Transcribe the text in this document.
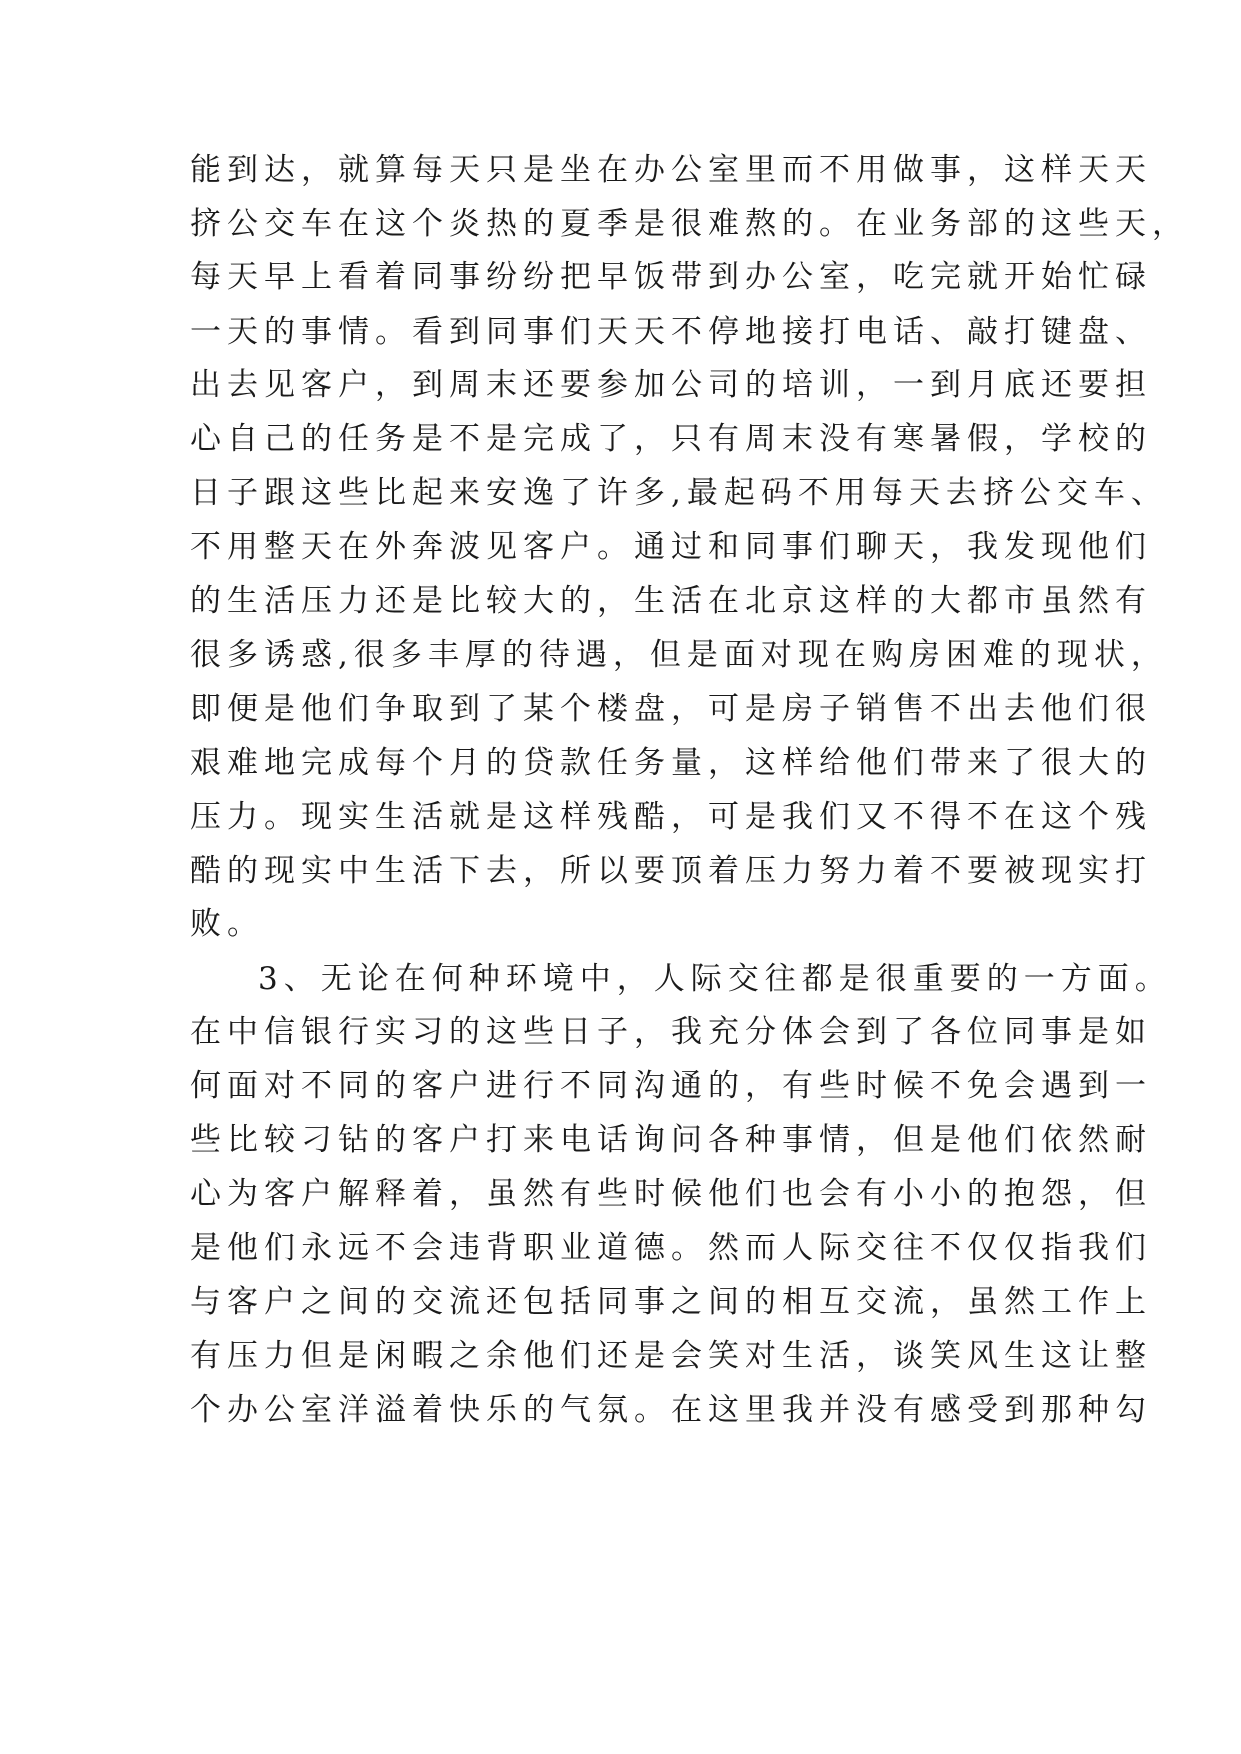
能到达，就算每天只是坐在办公室里而不用做事，这样天天
挤公交车在这个炎热的夏季是很难熬的。在业务部的这些天，
每天早上看着同事纷纷把早饭带到办公室，吃完就开始忙碌
一天的事情。看到同事们天天不停地接打电话、敲打键盘、
出去见客户，到周末还要参加公司的培训，一到月底还要担
心自己的任务是不是完成了，只有周末没有寒暑假，学校的
日子跟这些比起来安逸了许多,最起码不用每天去挤公交车、
不用整天在外奔波见客户。通过和同事们聊天，我发现他们
的生活压力还是比较大的，生活在北京这样的大都市虽然有
很多诱惑,很多丰厚的待遇，但是面对现在购房困难的现状，
即便是他们争取到了某个楼盘，可是房子销售不出去他们很
艰难地完成每个月的贷款任务量，这样给他们带来了很大的
压力。现实生活就是这样残酷，可是我们又不得不在这个残
酷的现实中生活下去，所以要顶着压力努力着不要被现实打
败。
3、无论在何种环境中，人际交往都是很重要的一方面。
在中信银行实习的这些日子，我充分体会到了各位同事是如
何面对不同的客户进行不同沟通的，有些时候不免会遇到一
些比较刁钻的客户打来电话询问各种事情，但是他们依然耐
心为客户解释着，虽然有些时候他们也会有小小的抱怨，但
是他们永远不会违背职业道德。然而人际交往不仅仅指我们
与客户之间的交流还包括同事之间的相互交流，虽然工作上
有压力但是闲暇之余他们还是会笑对生活，谈笑风生这让整
个办公室洋溢着快乐的气氛。在这里我并没有感受到那种勾
